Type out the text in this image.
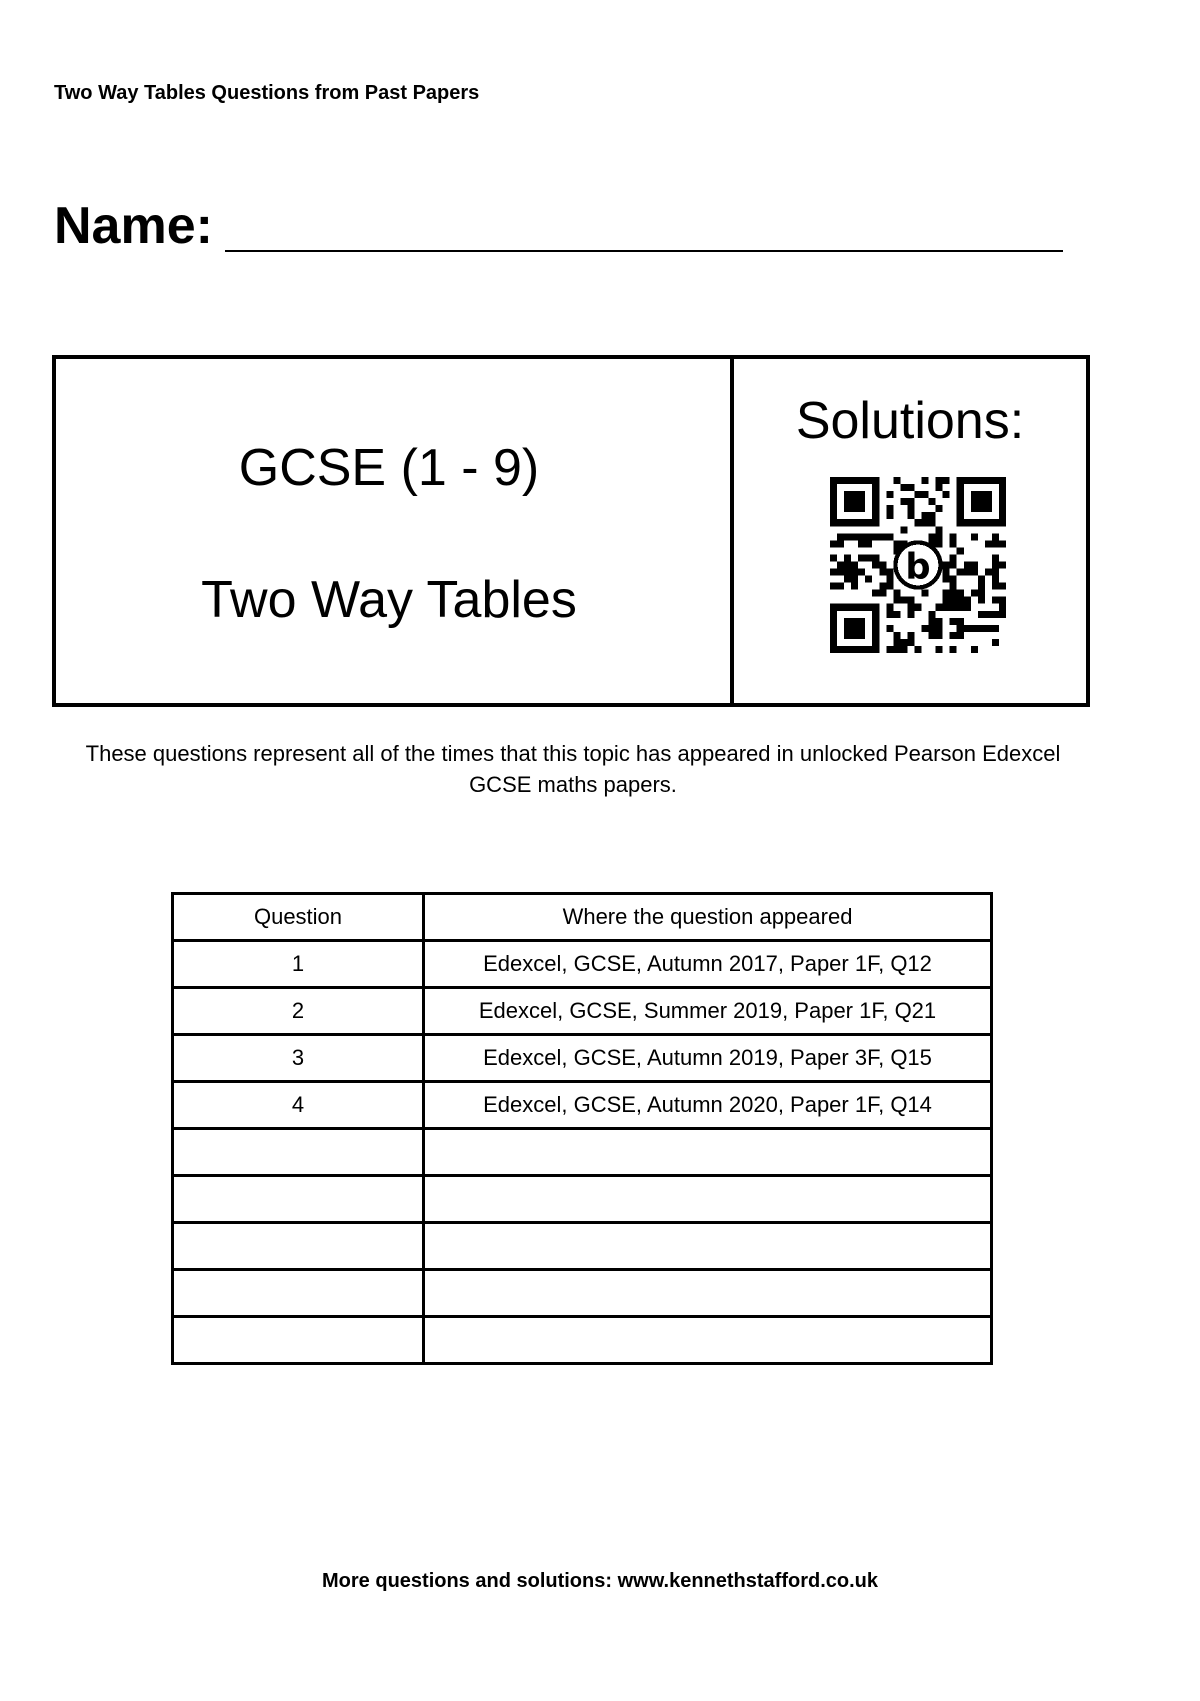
Two Way Tables Questions from Past Papers
Name:
Solutions:
b
GCSE (1 - 9)
Two Way Tables
These questions represent all of the times that this topic has appeared in unlocked Pearson Edexcel GCSE maths papers.
Question	Where the question appeared
1	Edexcel, GCSE, Autumn 2017, Paper 1F, Q12
2	Edexcel, GCSE, Summer 2019, Paper 1F, Q21
3	Edexcel, GCSE, Autumn 2019, Paper 3F, Q15
4	Edexcel, GCSE, Autumn 2020, Paper 1F, Q14

More questions and solutions: www.kennethstafford.co.uk
